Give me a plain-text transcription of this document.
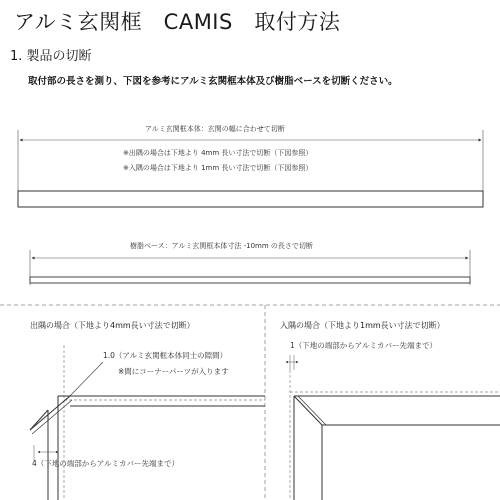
アルミ玄関框　CAMIS　取付方法
1. 製品の切断
取付部の長さを測り、下図を参考にアルミ玄関框本体及び樹脂ベースを切断ください。
アルミ玄関框本体：玄関の幅に合わせて切断
※出隅の場合は下地より 4mm 長い寸法で切断（下図参照）
※入隅の場合は下地より 1mm 長い寸法で切断（下図参照）
樹脂ベース：アルミ玄関框本体寸法 -10mm の長さで切断
出隅の場合（下地より4mm長い寸法で切断）
1.0（アルミ玄関框本体同士の隙間）
※間にコーナーパーツが入ります
4（下地の端部からアルミカバー先端まで）
入隅の場合（下地より1mm長い寸法で切断）
1（下地の端部からアルミカバー先端まで）
